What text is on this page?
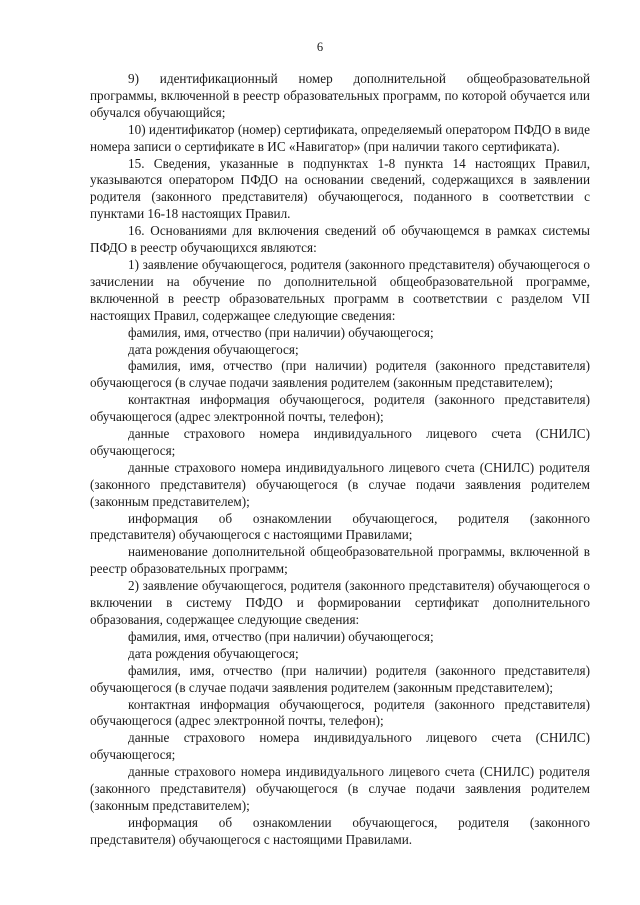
6

9) идентификационный номер дополнительной общеобразовательной программы, включенной в реестр образовательных программ, по которой обучается или обучался обучающийся;

10) идентификатор (номер) сертификата, определяемый оператором ПФДО в виде номера записи о сертификате в ИС «Навигатор» (при наличии такого сертификата).

15. Сведения, указанные в подпунктах 1-8 пункта 14 настоящих Правил, указываются оператором ПФДО на основании сведений, содержащихся в заявлении родителя (законного представителя) обучающегося, поданного в соответствии с пунктами 16-18 настоящих Правил.

16. Основаниями для включения сведений об обучающемся в рамках системы ПФДО в реестр обучающихся являются:

1) заявление обучающегося, родителя (законного представителя) обучающегося о зачислении на обучение по дополнительной общеобразовательной программе, включенной в реестр образовательных программ в соответствии с разделом VII настоящих Правил, содержащее следующие сведения:

фамилия, имя, отчество (при наличии) обучающегося;

дата рождения обучающегося;

фамилия, имя, отчество (при наличии) родителя (законного представителя) обучающегося (в случае подачи заявления родителем (законным представителем);

контактная информация обучающегося, родителя (законного представителя) обучающегося (адрес электронной почты, телефон);

данные страхового номера индивидуального лицевого счета (СНИЛС) обучающегося;

данные страхового номера индивидуального лицевого счета (СНИЛС) родителя (законного представителя) обучающегося (в случае подачи заявления родителем (законным представителем);

информация об ознакомлении обучающегося, родителя (законного представителя) обучающегося с настоящими Правилами;

наименование дополнительной общеобразовательной программы, включенной в реестр образовательных программ;

2) заявление обучающегося, родителя (законного представителя) обучающегося о включении в систему ПФДО и формировании сертификат дополнительного образования, содержащее следующие сведения:

фамилия, имя, отчество (при наличии) обучающегося;

дата рождения обучающегося;

фамилия, имя, отчество (при наличии) родителя (законного представителя) обучающегося (в случае подачи заявления родителем (законным представителем);

контактная информация обучающегося, родителя (законного представителя) обучающегося (адрес электронной почты, телефон);

данные страхового номера индивидуального лицевого счета (СНИЛС) обучающегося;

данные страхового номера индивидуального лицевого счета (СНИЛС) родителя (законного представителя) обучающегося (в случае подачи заявления родителем (законным представителем);

информация об ознакомлении обучающегося, родителя (законного представителя) обучающегося с настоящими Правилами.
